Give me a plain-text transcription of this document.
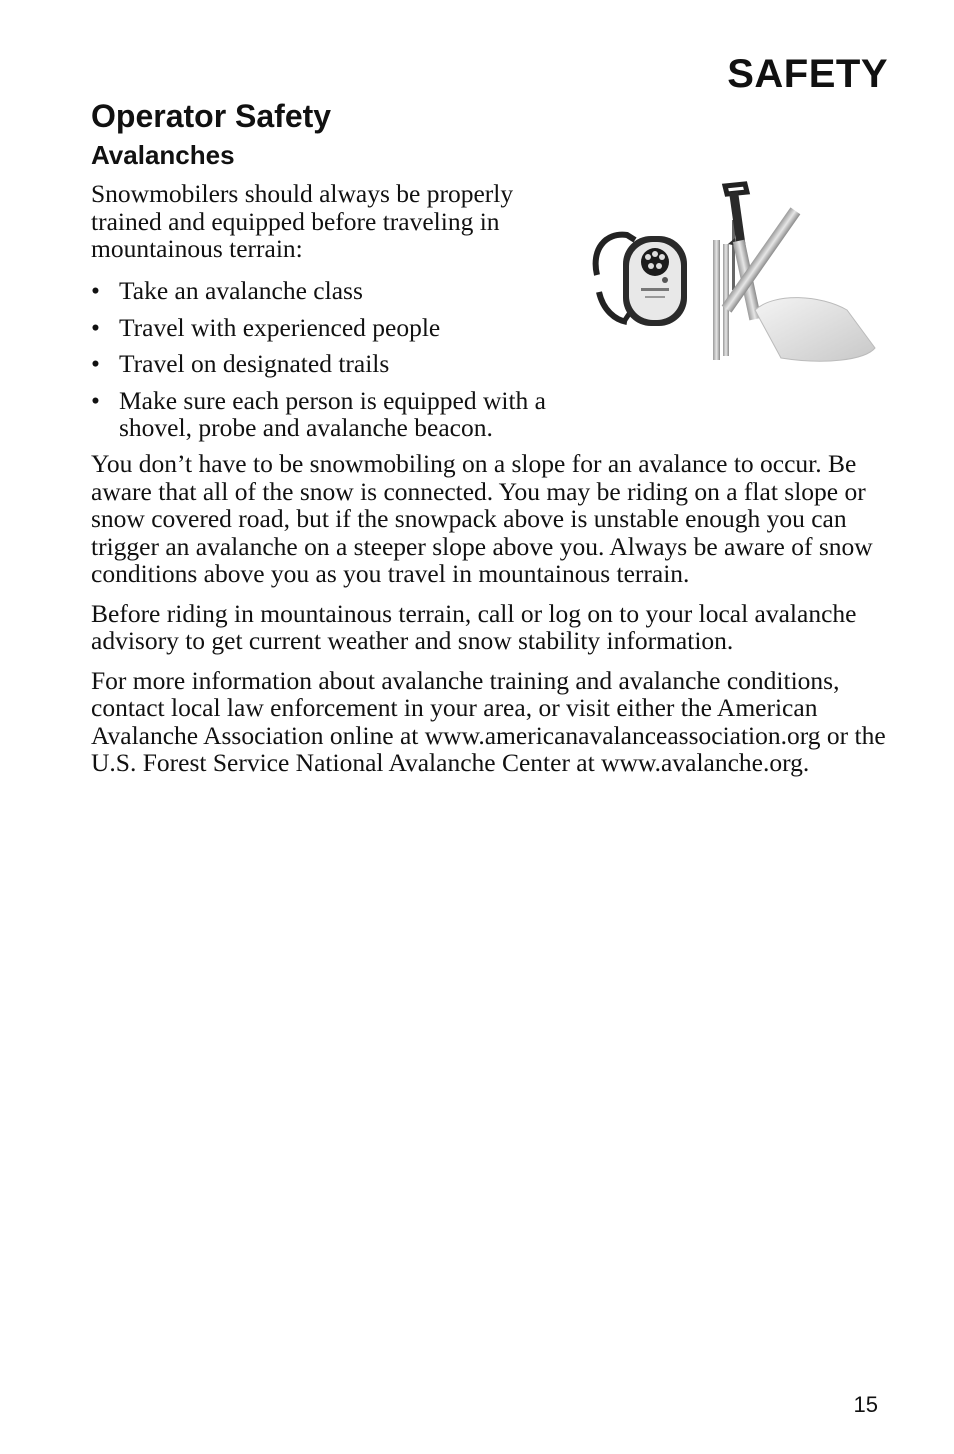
SAFETY
Operator Safety
Avalanches

Snowmobilers should always be properly trained and equipped before traveling in mountainous terrain:

• Take an avalanche class
• Travel with experienced people
• Travel on designated trails
• Make sure each person is equipped with a shovel, probe and avalanche beacon.

You don’t have to be snowmobiling on a slope for an avalance to occur. Be aware that all of the snow is connected. You may be riding on a flat slope or snow covered road, but if the snowpack above is unstable enough you can trigger an avalanche on a steeper slope above you. Always be aware of snow conditions above you as you travel in mountainous terrain.

Before riding in mountainous terrain, call or log on to your local avalanche advisory to get current weather and snow stability information.

For more information about avalanche training and avalanche conditions, contact local law enforcement in your area, or visit either the American Avalanche Association online at www.americanavalanceassociation.org or the U.S. Forest Service National Avalanche Center at www.avalanche.org.

15
